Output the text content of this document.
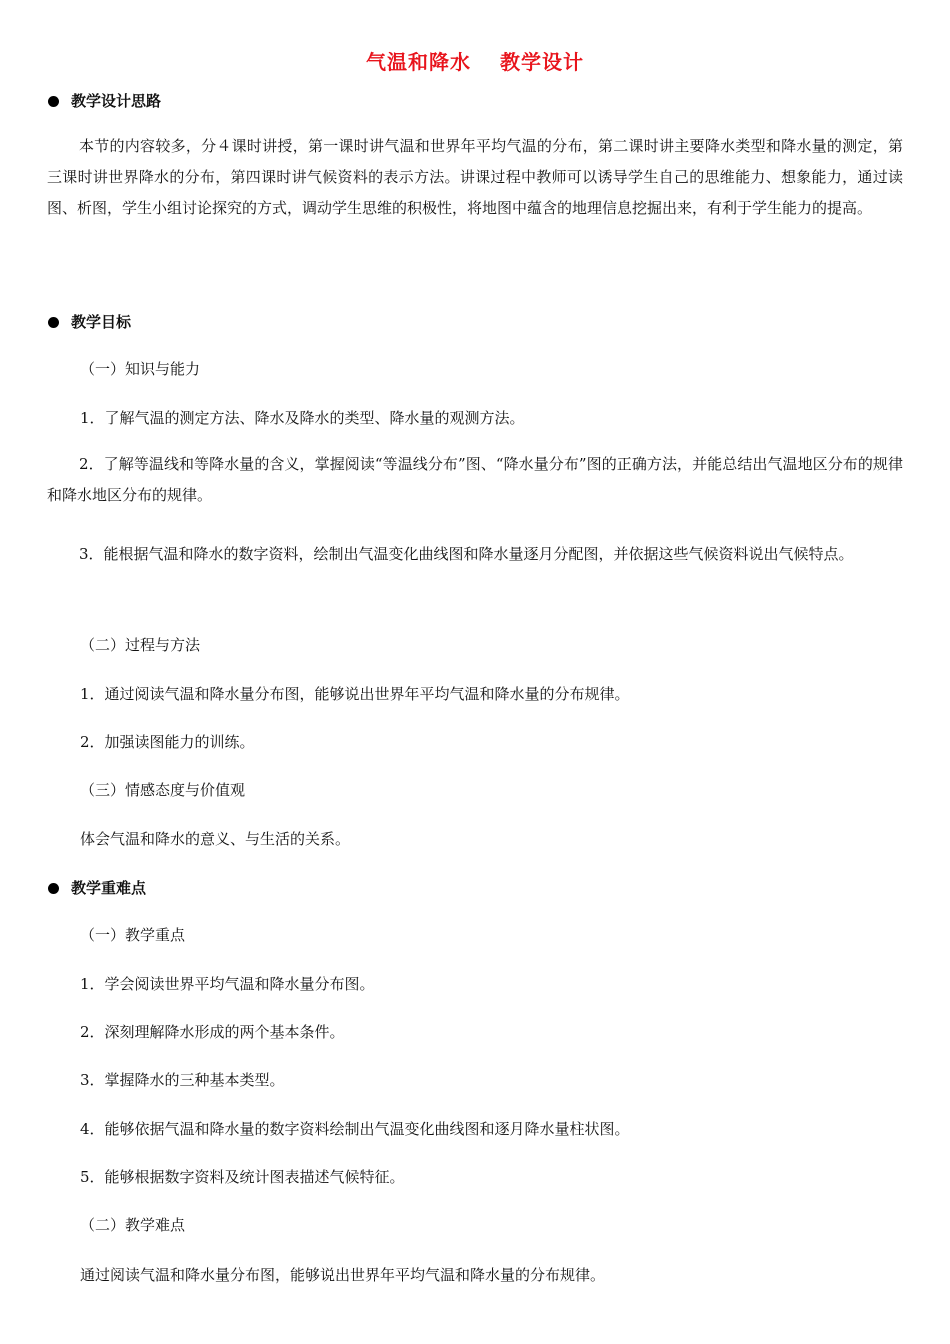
气温和降水　 教学设计
教学设计思路
本节的内容较多，分４课时讲授，第一课时讲气温和世界年平均气温的分布，第二课时讲主要降水类型和降水量的测定，第三课时讲世界降水的分布，第四课时讲气候资料的表示方法。讲课过程中教师可以诱导学生自己的思维能力、想象能力，通过读图、析图，学生小组讨论探究的方式，调动学生思维的积极性，将地图中蕴含的地理信息挖掘出来，有利于学生能力的提高。
教学目标
（一）知识与能力
1．了解气温的测定方法、降水及降水的类型、降水量的观测方法。
2．了解等温线和等降水量的含义，掌握阅读“等温线分布”图、“降水量分布”图的正确方法，并能总结出气温地区分布的规律和降水地区分布的规律。
3．能根据气温和降水的数字资料，绘制出气温变化曲线图和降水量逐月分配图，并依据这些气候资料说出气候特点。
（二）过程与方法
1．通过阅读气温和降水量分布图，能够说出世界年平均气温和降水量的分布规律。
2．加强读图能力的训练。
（三）情感态度与价值观
体会气温和降水的意义、与生活的关系。
教学重难点
（一）教学重点
1．学会阅读世界平均气温和降水量分布图。
2．深刻理解降水形成的两个基本条件。
3．掌握降水的三种基本类型。
4．能够依据气温和降水量的数字资料绘制出气温变化曲线图和逐月降水量柱状图。
5．能够根据数字资料及统计图表描述气候特征。
（二）教学难点
通过阅读气温和降水量分布图，能够说出世界年平均气温和降水量的分布规律。
